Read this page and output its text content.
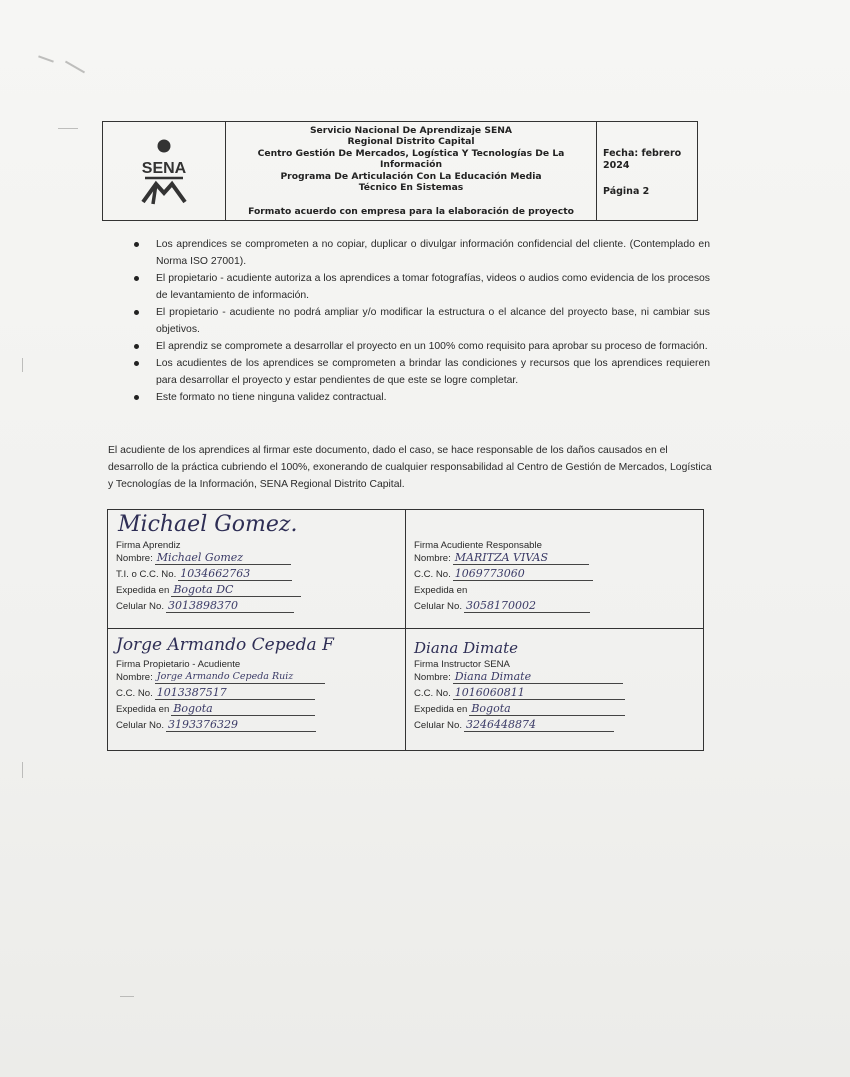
SENA
Servicio Nacional De Aprendizaje SENA
Regional Distrito Capital
Centro Gestión De Mercados, Logística Y Tecnologías De La
Información
Programa De Articulación Con La Educación Media
Técnico En Sistemas
Formato acuerdo con empresa para la elaboración de proyecto
Fecha: febrero
2024
Página 2
Los aprendices se comprometen a no copiar, duplicar o divulgar información confidencial del cliente. (Contemplado en Norma ISO 27001).
El propietario - acudiente autoriza a los aprendices a tomar fotografías, videos o audios como evidencia de los procesos de levantamiento de información.
El propietario - acudiente no podrá ampliar y/o modificar la estructura o el alcance del proyecto base, ni cambiar sus objetivos.
El aprendiz se compromete a desarrollar el proyecto en un 100% como requisito para aprobar su proceso de formación.
Los acudientes de los aprendices se comprometen a brindar las condiciones y recursos que los aprendices requieren para desarrollar el proyecto y estar pendientes de que este se logre completar.
Este formato no tiene ninguna validez contractual.
El acudiente de los aprendices al firmar este documento, dado el caso, se hace responsable de los daños causados en el desarrollo de la práctica cubriendo el 100%, exonerando de cualquier responsabilidad al Centro de Gestión de Mercados, Logística y Tecnologías de la Información, SENA Regional Distrito Capital.
Michael Gomez.
Firma Aprendiz
Nombre: Michael Gomez
T.I. o C.C. No. 1034662763
Expedida en Bogota DC
Celular No. 3013898370
Firma Acudiente Responsable
Nombre: MARITZA VIVAS
C.C. No. 1069773060
Expedida en
Celular No. 3058170002
Jorge Armando Cepeda F
Firma Propietario - Acudiente
Nombre: Jorge Armando Cepeda Ruiz
C.C. No. 1013387517
Expedida en Bogota
Celular No. 3193376329
Diana Dimate
Firma Instructor SENA
Nombre: Diana Dimate
C.C. No. 1016060811
Expedida en Bogota
Celular No. 3246448874
